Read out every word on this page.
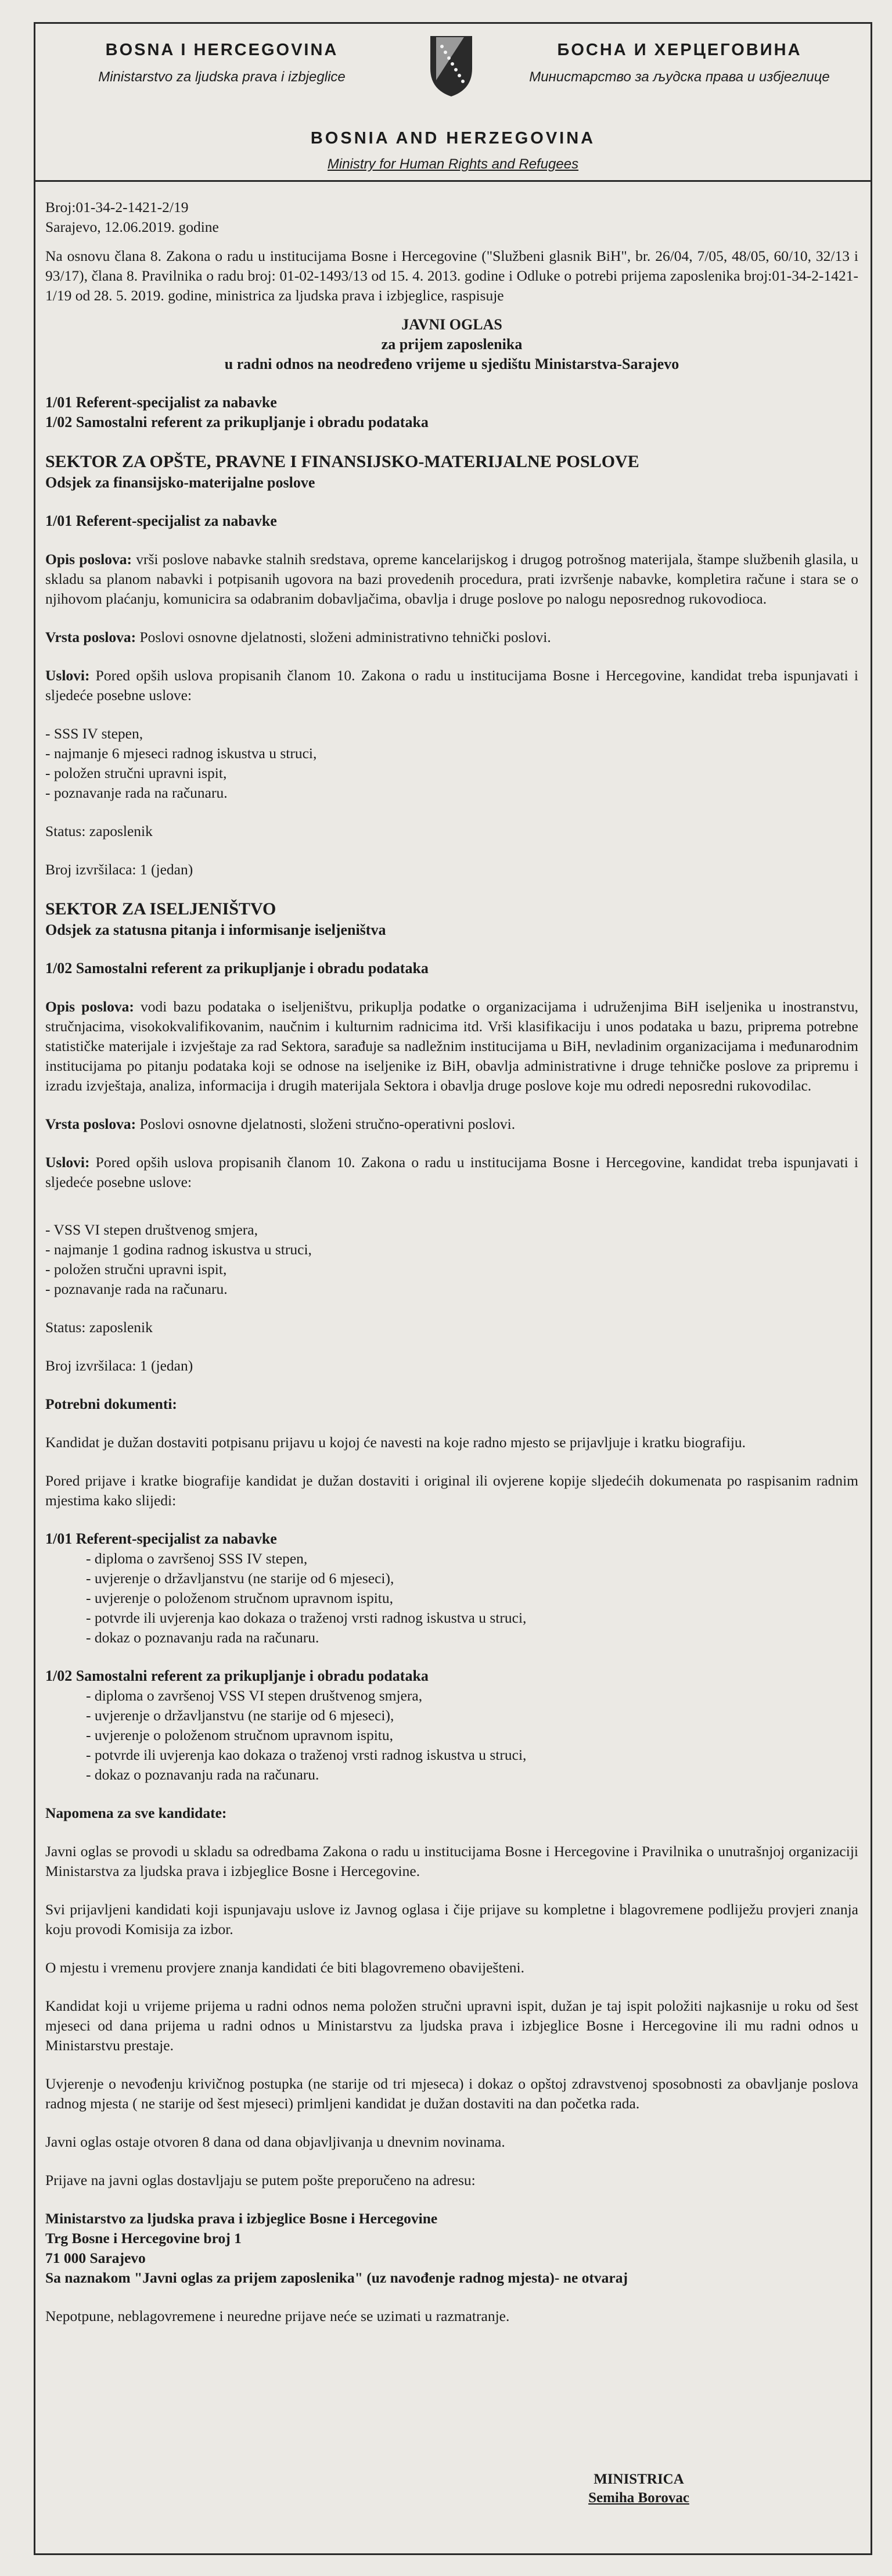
BOSNA I HERCEGOVINA
Ministarstvo za ljudska prava i izbjeglice
БОСНА И ХЕРЦЕГОВИНА
Министарство за људска права и избјеглице
BOSNIA AND HERZEGOVINA
Ministry for Human Rights and Refugees

Broj:01-34-2-1421-2/19

Sarajevo, 12.06.2019. godine

Na osnovu člana 8. Zakona o radu u institucijama Bosne i Hercegovine ("Službeni glasnik BiH", br. 26/04, 7/05, 48/05, 60/10, 32/13 i 93/17), člana 8. Pravilnika o radu broj: 01-02-1493/13 od 15. 4. 2013. godine i Odluke o potrebi prijema zaposlenika broj:01-34-2-1421-1/19 od 28. 5. 2019. godine, ministrica za ljudska prava i izbjeglice, raspisuje

JAVNI OGLAS

za prijem zaposlenika

u radni odnos na neodređeno vrijeme u sjedištu Ministarstva-Sarajevo

1/01 Referent-specijalist za nabavke

1/02 Samostalni referent za prikupljanje i obradu podataka

SEKTOR ZA OPŠTE, PRAVNE I FINANSIJSKO-MATERIJALNE POSLOVE

Odsjek za finansijsko-materijalne poslove

1/01 Referent-specijalist za nabavke

Opis poslova: vrši poslove nabavke stalnih sredstava, opreme kancelarijskog i drugog potrošnog materijala, štampe službenih glasila, u skladu sa planom nabavki i potpisanih ugovora na bazi provedenih procedura, prati izvršenje nabavke, kompletira račune i stara se o njihovom plaćanju, komunicira sa odabranim dobavljačima, obavlja i druge poslove po nalogu neposrednog rukovodioca.

Vrsta poslova: Poslovi osnovne djelatnosti, složeni administrativno tehnički poslovi.

Uslovi: Pored opših uslova propisanih članom 10. Zakona o radu u institucijama Bosne i Hercegovine, kandidat treba ispunjavati i sljedeće posebne uslove:

- SSS IV stepen,
- najmanje 6 mjeseci radnog iskustva u struci,
- položen stručni upravni ispit,
- poznavanje rada na računaru.

Status: zaposlenik

Broj izvršilaca: 1 (jedan)

SEKTOR ZA ISELJENIŠTVO

Odsjek za statusna pitanja i informisanje iseljeništva

1/02 Samostalni referent za prikupljanje i obradu podataka

Opis poslova: vodi bazu podataka o iseljeništvu, prikuplja podatke o organizacijama i udruženjima BiH iseljenika u inostranstvu, stručnjacima, visokokvalifikovanim, naučnim i kulturnim radnicima itd. Vrši klasifikaciju i unos podataka u bazu, priprema potrebne statističke materijale i izvještaje za rad Sektora, sarađuje sa nadležnim institucijama u BiH, nevladinim organizacijama i međunarodnim institucijama po pitanju podataka koji se odnose na iseljenike iz BiH, obavlja administrativne i druge tehničke poslove za pripremu i izradu izvještaja, analiza, informacija i drugih materijala Sektora i obavlja druge poslove koje mu odredi neposredni rukovodilac.

Vrsta poslova: Poslovi osnovne djelatnosti, složeni stručno-operativni poslovi.

Uslovi: Pored opših uslova propisanih članom 10. Zakona o radu u institucijama Bosne i Hercegovine, kandidat treba ispunjavati i sljedeće posebne uslove:

- VSS VI stepen društvenog smjera,
- najmanje 1 godina radnog iskustva u struci,
- položen stručni upravni ispit,
- poznavanje rada na računaru.

Status: zaposlenik

Broj izvršilaca: 1 (jedan)

Potrebni dokumenti:

Kandidat je dužan dostaviti potpisanu prijavu u kojoj će navesti na koje radno mjesto se prijavljuje i kratku biografiju.

Pored prijave i kratke biografije kandidat je dužan dostaviti i original ili ovjerene kopije sljedećih dokumenata po raspisanim radnim mjestima kako slijedi:

1/01 Referent-specijalist za nabavke

- diploma o završenoj SSS IV stepen,
- uvjerenje o državljanstvu (ne starije od 6 mjeseci),
- uvjerenje o položenom stručnom upravnom ispitu,
- potvrde ili uvjerenja kao dokaza o traženoj vrsti radnog iskustva u struci,
- dokaz o poznavanju rada na računaru.

1/02 Samostalni referent za prikupljanje i obradu podataka

- diploma o završenoj VSS VI stepen društvenog smjera,
- uvjerenje o državljanstvu (ne starije od 6 mjeseci),
- uvjerenje o položenom stručnom upravnom ispitu,
- potvrde ili uvjerenja kao dokaza o traženoj vrsti radnog iskustva u struci,
- dokaz o poznavanju rada na računaru.

Napomena za sve kandidate:

Javni oglas se provodi u skladu sa odredbama Zakona o radu u institucijama Bosne i Hercegovine i Pravilnika o unutrašnjoj organizaciji Ministarstva za ljudska prava i izbjeglice Bosne i Hercegovine.

Svi prijavljeni kandidati koji ispunjavaju uslove iz Javnog oglasa i čije prijave su kompletne i blagovremene podliježu provjeri znanja koju provodi Komisija za izbor.

O mjestu i vremenu provjere znanja kandidati će biti blagovremeno obaviješteni.

Kandidat koji u vrijeme prijema u radni odnos nema položen stručni upravni ispit, dužan je taj ispit položiti najkasnije u roku od šest mjeseci od dana prijema u radni odnos u Ministarstvu za ljudska prava i izbjeglice Bosne i Hercegovine ili mu radni odnos u Ministarstvu prestaje.

Uvjerenje o nevođenju krivičnog postupka (ne starije od tri mjeseca) i dokaz o opštoj zdravstvenoj sposobnosti za obavljanje poslova radnog mjesta ( ne starije od šest mjeseci) primljeni kandidat je dužan dostaviti na dan početka rada.

Javni oglas ostaje otvoren 8 dana od dana objavljivanja u dnevnim novinama.

Prijave na javni oglas dostavljaju se putem pošte preporučeno na adresu:

Ministarstvo za ljudska prava i izbjeglice Bosne i Hercegovine

Trg Bosne i Hercegovine broj 1

71 000 Sarajevo

Sa naznakom "Javni oglas za prijem zaposlenika" (uz navođenje radnog mjesta)- ne otvaraj

Nepotpune, neblagovremene i neuredne prijave neće se uzimati u razmatranje.

MINISTRICA
Semiha Borovac
